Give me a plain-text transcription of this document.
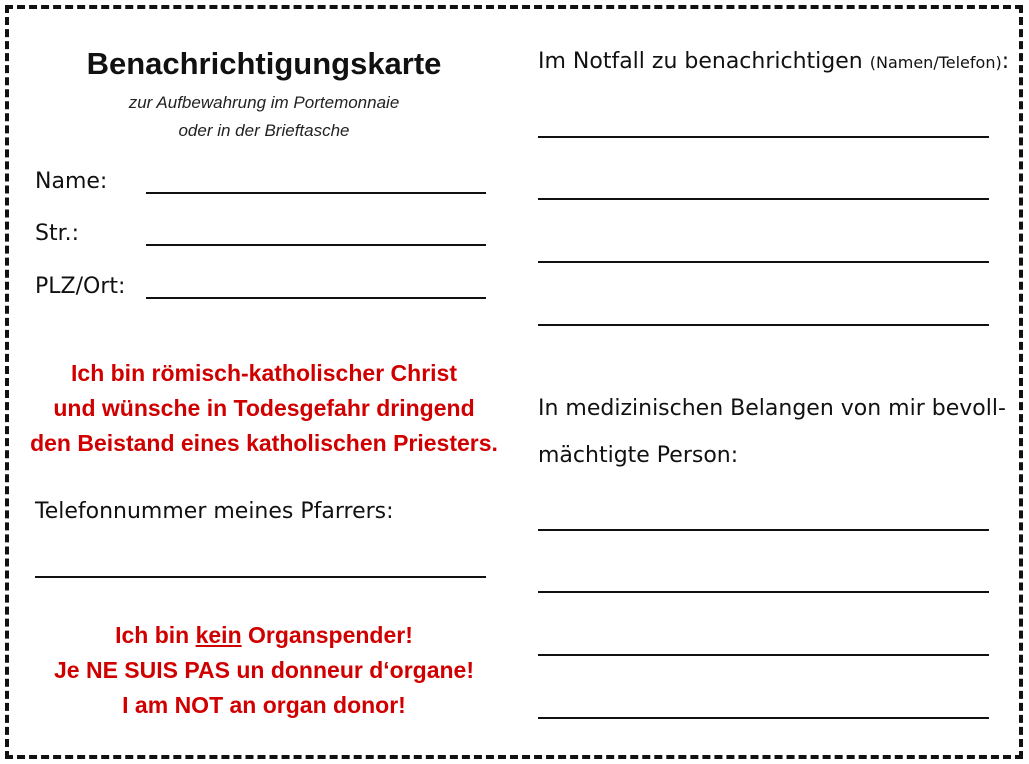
Benachrichtigungskarte
zur Aufbewahrung im Portemonnaie
oder in der Brieftasche
Name:
Str.:
PLZ/Ort:
Ich bin römisch-katholischer Christ
und wünsche in Todesgefahr dringend
den Beistand eines katholischen Priesters.
Telefonnummer meines Pfarrers:
Ich bin kein Organspender!
Je NE SUIS PAS un donneur d‘organe!
I am NOT an organ donor!
Im Notfall zu benachrichtigen (Namen/Telefon):
In medizinischen Belangen von mir bevoll-
mächtigte Person:
